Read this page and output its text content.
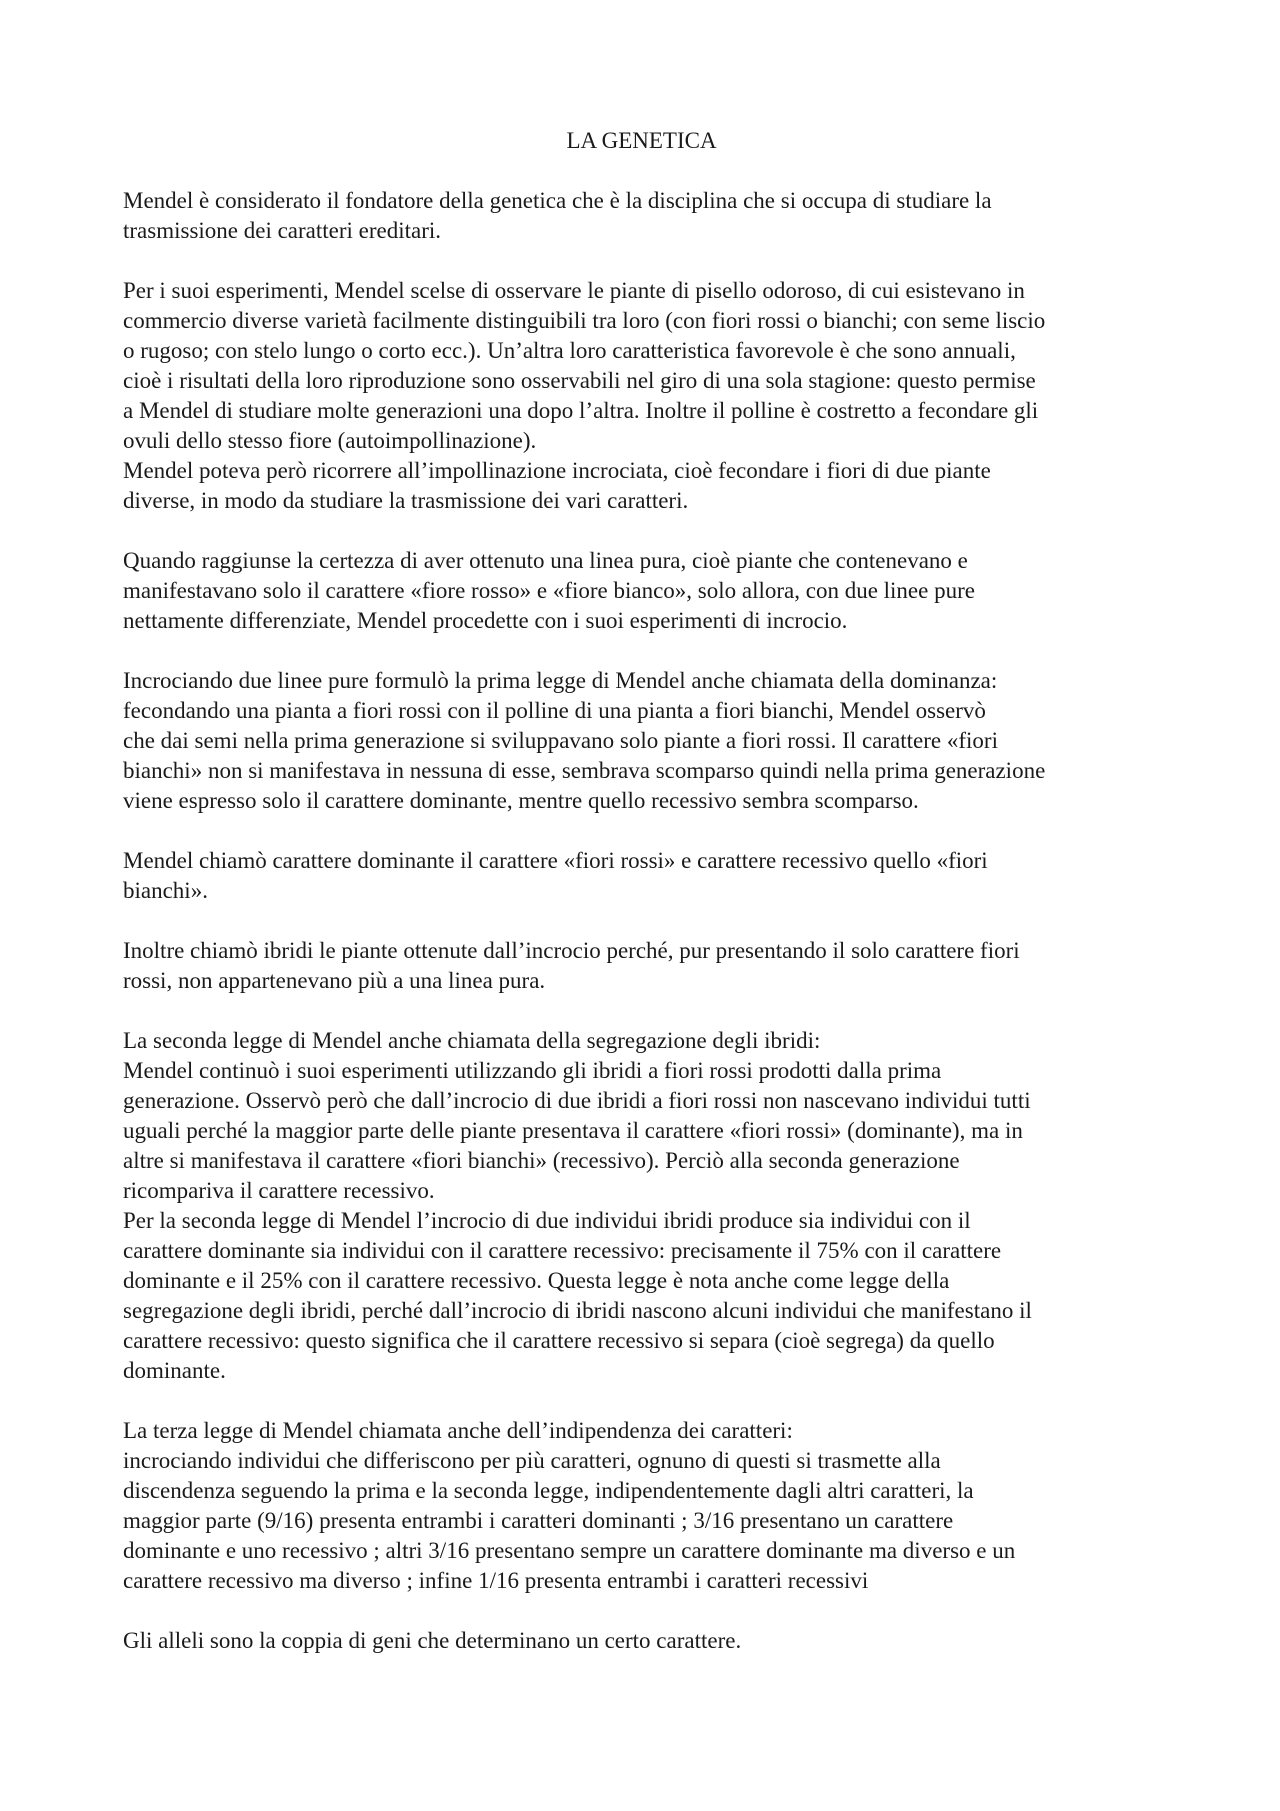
LA GENETICA
Mendel è considerato il fondatore della genetica che è la disciplina che si occupa di studiare la
trasmissione dei caratteri ereditari.
Per i suoi esperimenti, Mendel scelse di osservare le piante di pisello odoroso, di cui esistevano in
commercio diverse varietà facilmente distinguibili tra loro (con fiori rossi o bianchi; con seme liscio
o rugoso; con stelo lungo o corto ecc.). Un’altra loro caratteristica favorevole è che sono annuali,
cioè i risultati della loro riproduzione sono osservabili nel giro di una sola stagione: questo permise
a Mendel di studiare molte generazioni una dopo l’altra. Inoltre il polline è costretto a fecondare gli
ovuli dello stesso fiore (autoimpollinazione).
Mendel poteva però ricorrere all’impollinazione incrociata, cioè fecondare i fiori di due piante
diverse, in modo da studiare la trasmissione dei vari caratteri.
Quando raggiunse la certezza di aver ottenuto una linea pura, cioè piante che contenevano e
manifestavano solo il carattere «fiore rosso» e «fiore bianco», solo allora, con due linee pure
nettamente differenziate, Mendel procedette con i suoi esperimenti di incrocio.
Incrociando due linee pure formulò la prima legge di Mendel anche chiamata della dominanza:
fecondando una pianta a fiori rossi con il polline di una pianta a fiori bianchi, Mendel osservò
che dai semi nella prima generazione si sviluppavano solo piante a fiori rossi. Il carattere «fiori
bianchi» non si manifestava in nessuna di esse, sembrava scomparso quindi nella prima generazione
viene espresso solo il carattere dominante, mentre quello recessivo sembra scomparso.
Mendel chiamò carattere dominante il carattere «fiori rossi» e carattere recessivo quello «fiori
bianchi».
Inoltre chiamò ibridi le piante ottenute dall’incrocio perché, pur presentando il solo carattere fiori
rossi, non appartenevano più a una linea pura.
La seconda legge di Mendel anche chiamata della segregazione degli ibridi:
Mendel continuò i suoi esperimenti utilizzando gli ibridi a fiori rossi prodotti dalla prima
generazione. Osservò però che dall’incrocio di due ibridi a fiori rossi non nascevano individui tutti
uguali perché la maggior parte delle piante presentava il carattere «fiori rossi» (dominante), ma in
altre si manifestava il carattere «fiori bianchi» (recessivo). Perciò alla seconda generazione
ricompariva il carattere recessivo.
Per la seconda legge di Mendel l’incrocio di due individui ibridi produce sia individui con il
carattere dominante sia individui con il carattere recessivo: precisamente il 75% con il carattere
dominante e il 25% con il carattere recessivo. Questa legge è nota anche come legge della
segregazione degli ibridi, perché dall’incrocio di ibridi nascono alcuni individui che manifestano il
carattere recessivo: questo significa che il carattere recessivo si separa (cioè segrega) da quello
dominante.
La terza legge di Mendel chiamata anche dell’indipendenza dei caratteri:
incrociando individui che differiscono per più caratteri, ognuno di questi si trasmette alla
discendenza seguendo la prima e la seconda legge, indipendentemente dagli altri caratteri, la
maggior parte (9/16) presenta entrambi i caratteri dominanti ; 3/16 presentano un carattere
dominante e uno recessivo ; altri 3/16 presentano sempre un carattere dominante ma diverso e un
carattere recessivo ma diverso ; infine 1/16 presenta entrambi i caratteri recessivi
Gli alleli sono la coppia di geni che determinano un certo carattere.
